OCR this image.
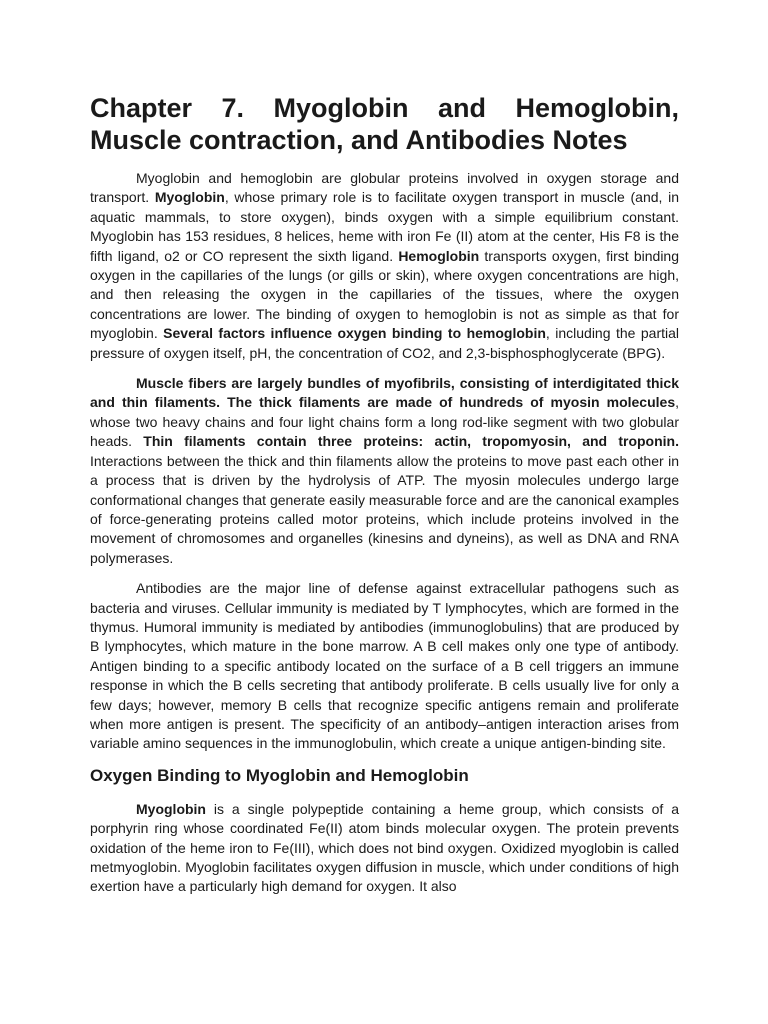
Chapter 7. Myoglobin and Hemoglobin, Muscle contraction, and Antibodies Notes

Myoglobin and hemoglobin are globular proteins involved in oxygen storage and transport. Myoglobin, whose primary role is to facilitate oxygen transport in muscle (and, in aquatic mammals, to store oxygen), binds oxygen with a simple equilibrium constant. Myoglobin has 153 residues, 8 helices, heme with iron Fe (II) atom at the center, His F8 is the fifth ligand, o2 or CO represent the sixth ligand. Hemoglobin transports oxygen, first binding oxygen in the capillaries of the lungs (or gills or skin), where oxygen concentrations are high, and then releasing the oxygen in the capillaries of the tissues, where the oxygen concentrations are lower. The binding of oxygen to hemoglobin is not as simple as that for myoglobin. Several factors influence oxygen binding to hemoglobin, including the partial pressure of oxygen itself, pH, the concentration of CO2, and 2,3-bisphosphoglycerate (BPG).

Muscle fibers are largely bundles of myofibrils, consisting of interdigitated thick and thin filaments. The thick filaments are made of hundreds of myosin molecules, whose two heavy chains and four light chains form a long rod-like segment with two globular heads. Thin filaments contain three proteins: actin, tropomyosin, and troponin. Interactions between the thick and thin filaments allow the proteins to move past each other in a process that is driven by the hydrolysis of ATP. The myosin molecules undergo large conformational changes that generate easily measurable force and are the canonical examples of force-generating proteins called motor proteins, which include proteins involved in the movement of chromosomes and organelles (kinesins and dyneins), as well as DNA and RNA polymerases.

Antibodies are the major line of defense against extracellular pathogens such as bacteria and viruses. Cellular immunity is mediated by T lymphocytes, which are formed in the thymus. Humoral immunity is mediated by antibodies (immunoglobulins) that are produced by B lymphocytes, which mature in the bone marrow. A B cell makes only one type of antibody. Antigen binding to a specific antibody located on the surface of a B cell triggers an immune response in which the B cells secreting that antibody proliferate. B cells usually live for only a few days; however, memory B cells that recognize specific antigens remain and proliferate when more antigen is present. The specificity of an antibody–antigen interaction arises from variable amino sequences in the immunoglobulin, which create a unique antigen-binding site.

Oxygen Binding to Myoglobin and Hemoglobin

Myoglobin is a single polypeptide containing a heme group, which consists of a porphyrin ring whose coordinated Fe(II) atom binds molecular oxygen. The protein prevents oxidation of the heme iron to Fe(III), which does not bind oxygen. Oxidized myoglobin is called metmyoglobin. Myoglobin facilitates oxygen diffusion in muscle, which under conditions of high exertion have a particularly high demand for oxygen. It also
